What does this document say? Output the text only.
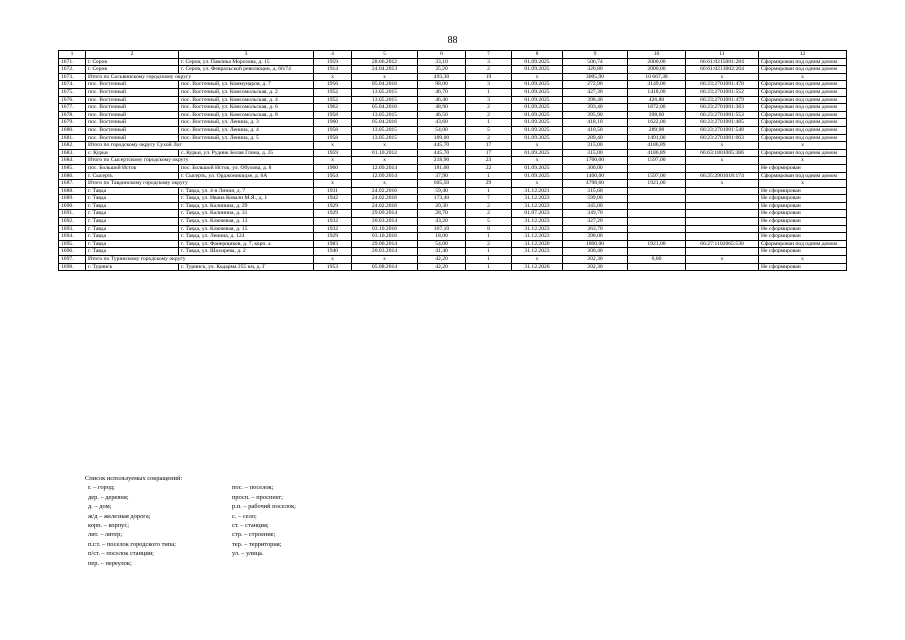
88
1	2	3	4	5	6	7	8	9	10	11	12
1671.	г. Серов	г. Серов, ул. Павлика Морозова, д. 15	1959	28.06.2012	33,10	3	01.09.2025	506,74	2000,00	66:61:0215001:284	Сформирован под одним домом
1672.	г. Серов	г. Серов, ул. Февральской революции, д. 66/74	1914	24.04.2013	35,20	2	01.09.2025	326,80	2000,00	66:61:0213002:264	Сформирован под одним домом
1673.	Итого по Сосьвинскому городскому округу		x	x	493,30	19	x	3005,90	10 667,38	x	x
1674.	пос. Восточный	пос. Восточный, ул. Коммунаров, д. 7	1956	05.04.2016	98,00	3	01.09.2025	272,90	3149,00	66:23:2701001:478	Сформирован под одним домом
1675.	пос. Восточный	пос. Восточный, ул. Комсомольская, д. 2	1952	13.05.2015	46,70	1	01.09.2025	427,30	1418,00	66:23:2701001:552	Сформирован под одним домом
1676.	пос. Восточный	пос. Восточный, ул. Комсомольская, д. 4	1952	13.05.2015	46,40	3	01.09.2025	398,40	426,80	66:23:2701001:479	Сформирован под одним домом
1677.	пос. Восточный	пос. Восточный, ул. Комсомольская, д. 6	1962	05.04.2016	48,90	2	01.09.2025	393,40	1872,00	66:23:2701001:383	Сформирован под одним домом
1678.	пос. Восточный	пос. Восточный, ул. Комсомольская, д. 8	1958	13.05.2015	46,50	2	01.09.2025	395,90	398,60	66:23:2701001:553	Сформирован под одним домом
1679.	пос. Восточный	пос. Восточный, ул. Ленина, д. 3	1960	05.04.2016	43,60	1	01.09.2025	418,10	1622,00	66:23:2701001:485	Сформирован под одним домом
1680.	пос. Восточный	пос. Восточный, ул. Ленина, д. 4	1958	13.05.2015	54,00	5	01.09.2025	410,50	289,98	66:23:2701001:548	Сформирован под одним домом
1681.	пос. Восточный	пос. Восточный, ул. Ленина, д. 5	1958	13.05.2015	109,00	2	01.09.2025	289,40	1491,00	66:23:2701001:663	Сформирован под одним домом
1682.	Итого по городскому округу Сухой Лог		x	x	445,70	17	x	315,00	4186,89	x	x
1683.	с. Курьи	с. Курьи, ул. Рудник Белая Глина, д. 25	1959	01.10.2012	445,70	17	01.09.2025	315,00	4186,89	66:63:1801005:386	Сформирован под одним домом
1684.	Итого по Сысертскому городскому округу		x	x	218,90	23	x	1700,00	1597,00	x	x
1685.	пос. Большой Исток	пос. Большой Исток, ул. Обухова, д. 8	1960	12.09.2014	181,00	22	01.09.2025	300,00			Не сформирован
1686.	г. Сысерть	г. Сысерть, ул. Орджоникидзе, д. 6А	1954	12.09.2014	37,90	1	01.09.2025	1400,00	1597,00	66:25:2901018:174	Сформирован под одним домом
1687.	Итого по Тавдинскому городскому округу		x	x	605,50	29	x	4798,60	1921,00	x	x
1688.	г. Тавда	г. Тавда, ул. 4-я Линия, д. 7	1931	24.02.2016	59,40	1	31.12.2021	315,60			Не сформирован
1689.	г. Тавда	г. Тавда, ул. Ивана Ковали М.Я., д. 1	1942	24.02.2016	173,40	7	31.12.2023	599,00			Не сформирован
1690.	г. Тавда	г. Тавда, ул. Калинина, д. 29	1929	24.02.2016	20,30	2	31.12.2023	345,00			Не сформирован
1691.	г. Тавда	г. Тавда, ул. Калинина, д. 31	1929	29.09.2014	28,70	2	01.07.2023	349,70			Не сформирован
1692.	г. Тавда	г. Тавда, ул. Ключевая, д. 13	1932	20.03.2014	43,20	5	31.12.2023	327,20			Не сформирован
1693.	г. Тавда	г. Тавда, ул. Ключевая, д. 15	1932	03.10.2016	167,10	8	31.12.2023	363,70			Не сформирован
1694.	г. Тавда	г. Тавда, ул. Ленина, д. 124	1929	03.10.2016	18,00	1	31.12.2023	398,00			Не сформирован
1695.	г. Тавда	г. Тавда, ул. Фанерщиков, д. 7, корп. а	1983	29.06.2014	54,00	2	31.12.2020	1800,00	1921,00	66:27:1102065:530	Сформирован под одним домом
1696.	г. Тавда	г. Тавда, ул. Шохирева, д. 2	1940	20.03.2014	41,40	1	31.12.2023	300,40			Не сформирован
1697.	Итого по Туринскому городскому округу		x	x	42,20	1	x	202,30	0,00	x	x
1698.	г. Туринск	г. Туринск, ул. Кодарма 255 км, д. Г	1953	05.08.2014	42,20	1	31.12.2020	202,30			Не сформирован
Список используемых сокращений:
г. – город;	пос. – поселок;
дер. – деревня;	просп. – проспект;
д. – дом;	р.п. – рабочий поселок;
ж/д – железная дорога;	с. – село;
корп. – корпус;	ст. – станция;
лит. – литер;	стр. – строение;
п.г.т. – поселок городского типа;	тер. – территория;
п/ст. – поселок станции;	ул. – улица.
пер. – переулок;
